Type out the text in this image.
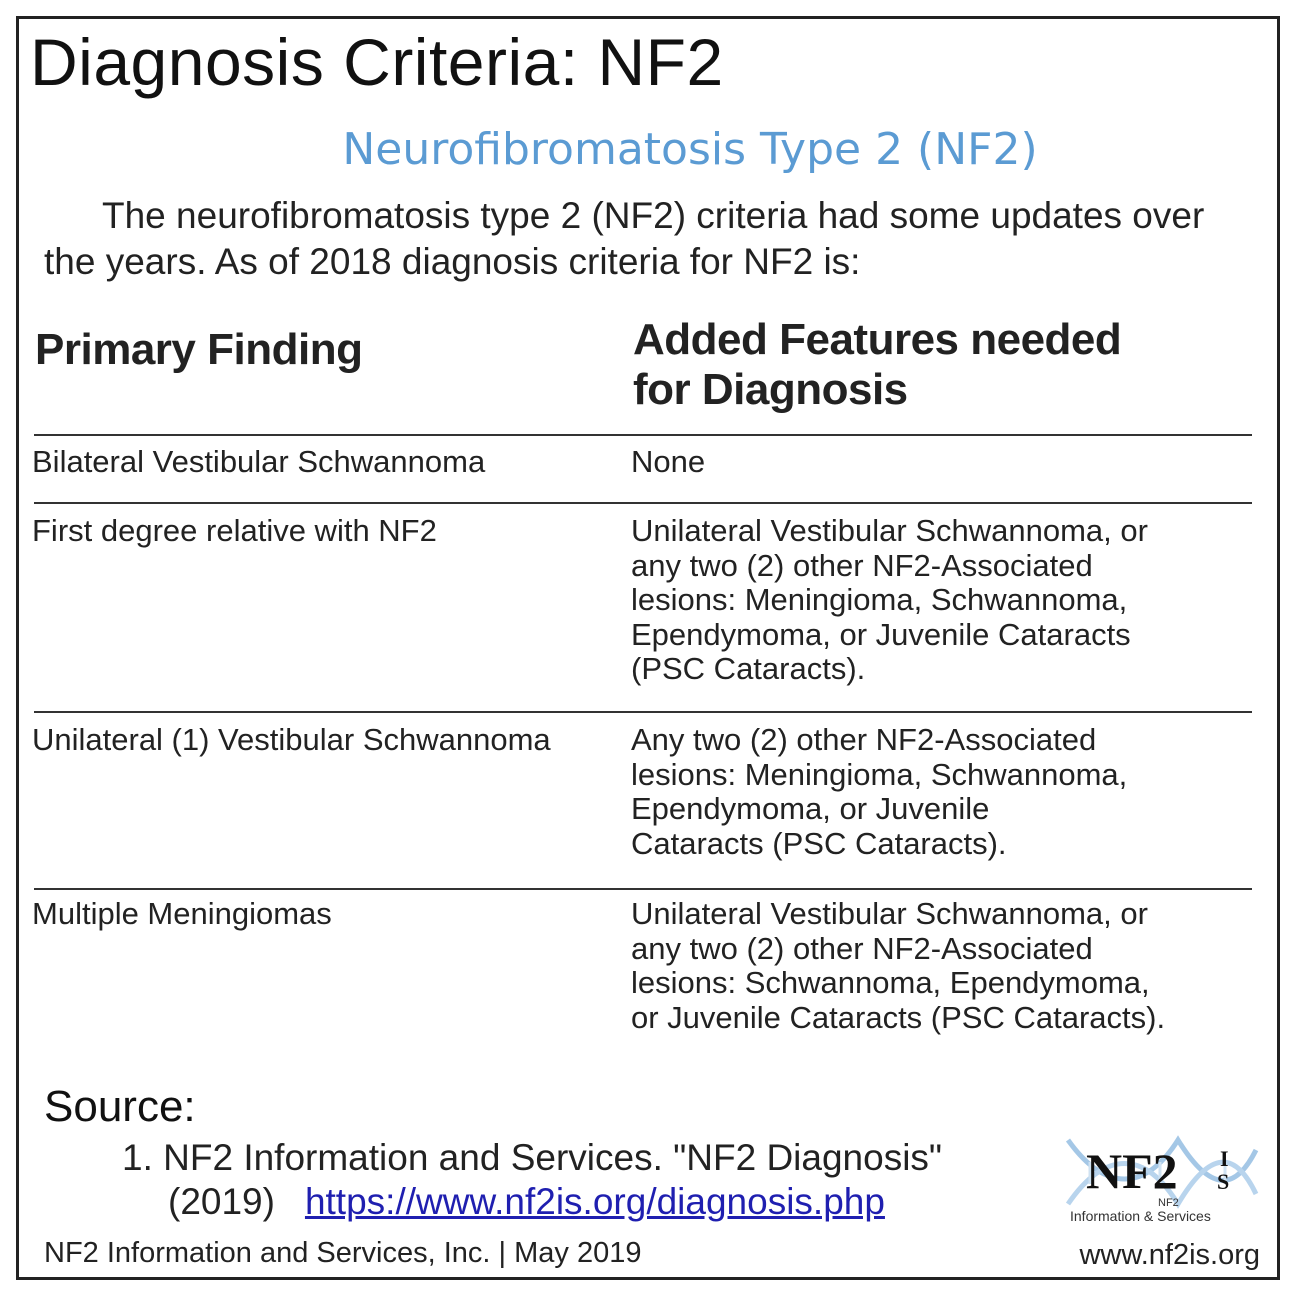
Diagnosis Criteria: NF2
Neurofibromatosis Type 2 (NF2)
The neurofibromatosis type 2 (NF2) criteria had some updates over the years. As of 2018 diagnosis criteria for NF2 is:
Primary Finding	Added Features needed
for Diagnosis
Bilateral Vestibular Schwannoma	None
First degree relative with NF2	Unilateral Vestibular Schwannoma, or
any two (2) other NF2-Associated
lesions: Meningioma, Schwannoma,
Ependymoma, or Juvenile Cataracts
(PSC Cataracts).
Unilateral (1) Vestibular Schwannoma	Any two (2) other NF2-Associated
lesions: Meningioma, Schwannoma,
Ependymoma, or Juvenile
Cataracts (PSC Cataracts).
Multiple Meningiomas	Unilateral Vestibular Schwannoma, or
any two (2) other NF2-Associated
lesions: Schwannoma, Ependymoma,
or Juvenile Cataracts (PSC Cataracts).
Source:
1. NF2 Information and Services. "NF2 Diagnosis"
(2019) https://www.nf2is.org/diagnosis.php
NF2 I
S
NF2
Information & Services
NF2 Information and Services, Inc. | May 2019	www.nf2is.org
